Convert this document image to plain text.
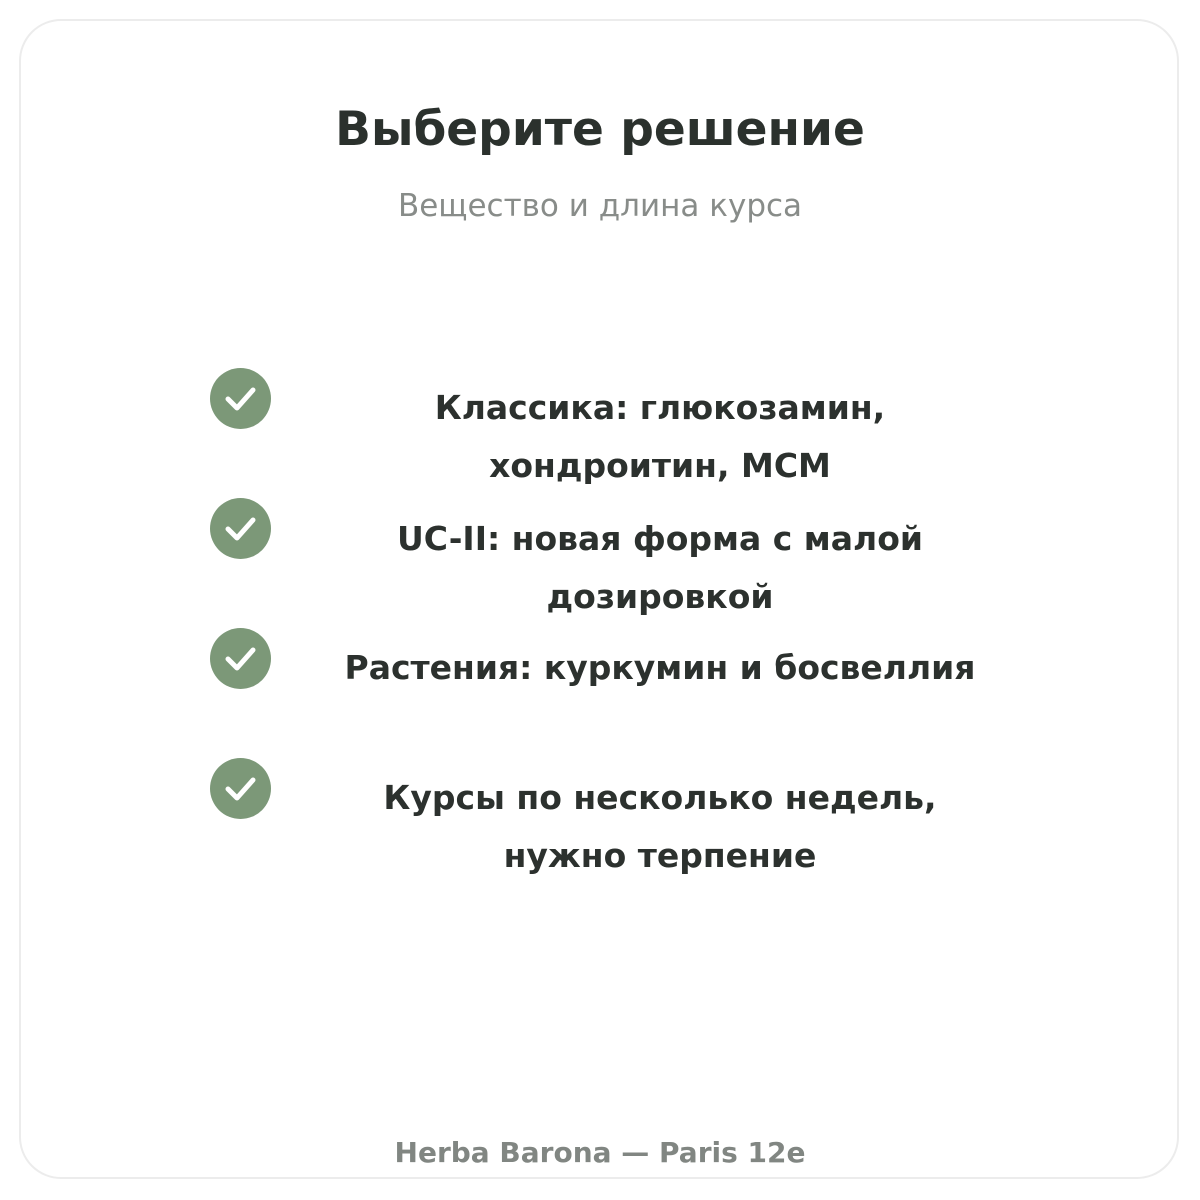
Выберите решение
Вещество и длина курса
Классика: глюкозамин, хондроитин, МСМ
UC-II: новая форма с малой дозировкой
Растения: куркумин и босвеллия
Курсы по несколько недель, нужно терпение
Herba Barona — Paris 12e
